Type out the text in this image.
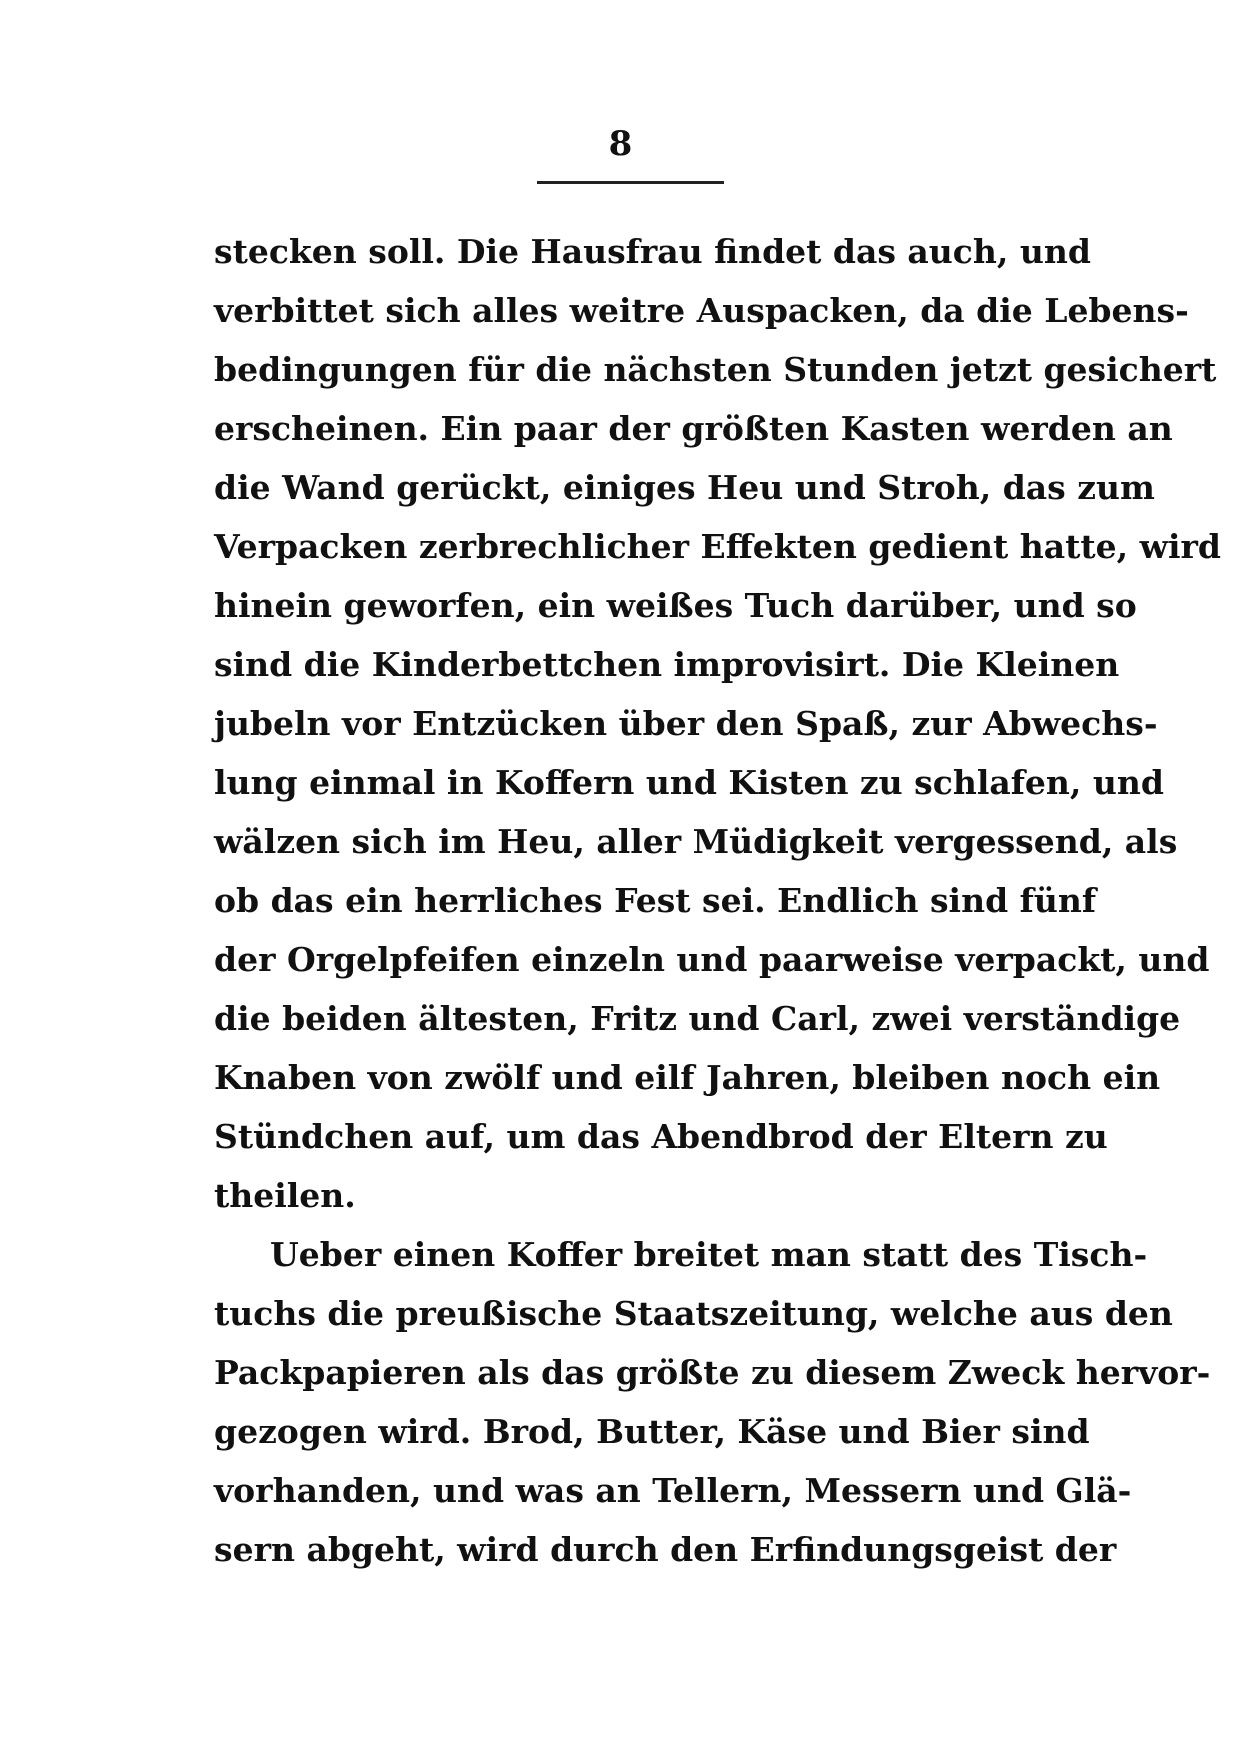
8
stecken soll. Die Hausfrau findet das auch, und
verbittet sich alles weitre Auspacken, da die Lebens-
bedingungen für die nächsten Stunden jetzt gesichert
erscheinen. Ein paar der größten Kasten werden an
die Wand gerückt, einiges Heu und Stroh, das zum
Verpacken zerbrechlicher Effekten gedient hatte, wird
hinein geworfen, ein weißes Tuch darüber, und so
sind die Kinderbettchen improvisirt. Die Kleinen
jubeln vor Entzücken über den Spaß, zur Abwechs-
lung einmal in Koffern und Kisten zu schlafen, und
wälzen sich im Heu, aller Müdigkeit vergessend, als
ob das ein herrliches Fest sei. Endlich sind fünf
der Orgelpfeifen einzeln und paarweise verpackt, und
die beiden ältesten, Fritz und Carl, zwei verständige
Knaben von zwölf und eilf Jahren, bleiben noch ein
Stündchen auf, um das Abendbrod der Eltern zu
theilen.
Ueber einen Koffer breitet man statt des Tisch-
tuchs die preußische Staatszeitung, welche aus den
Packpapieren als das größte zu diesem Zweck hervor-
gezogen wird. Brod, Butter, Käse und Bier sind
vorhanden, und was an Tellern, Messern und Glä-
sern abgeht, wird durch den Erfindungsgeist der
